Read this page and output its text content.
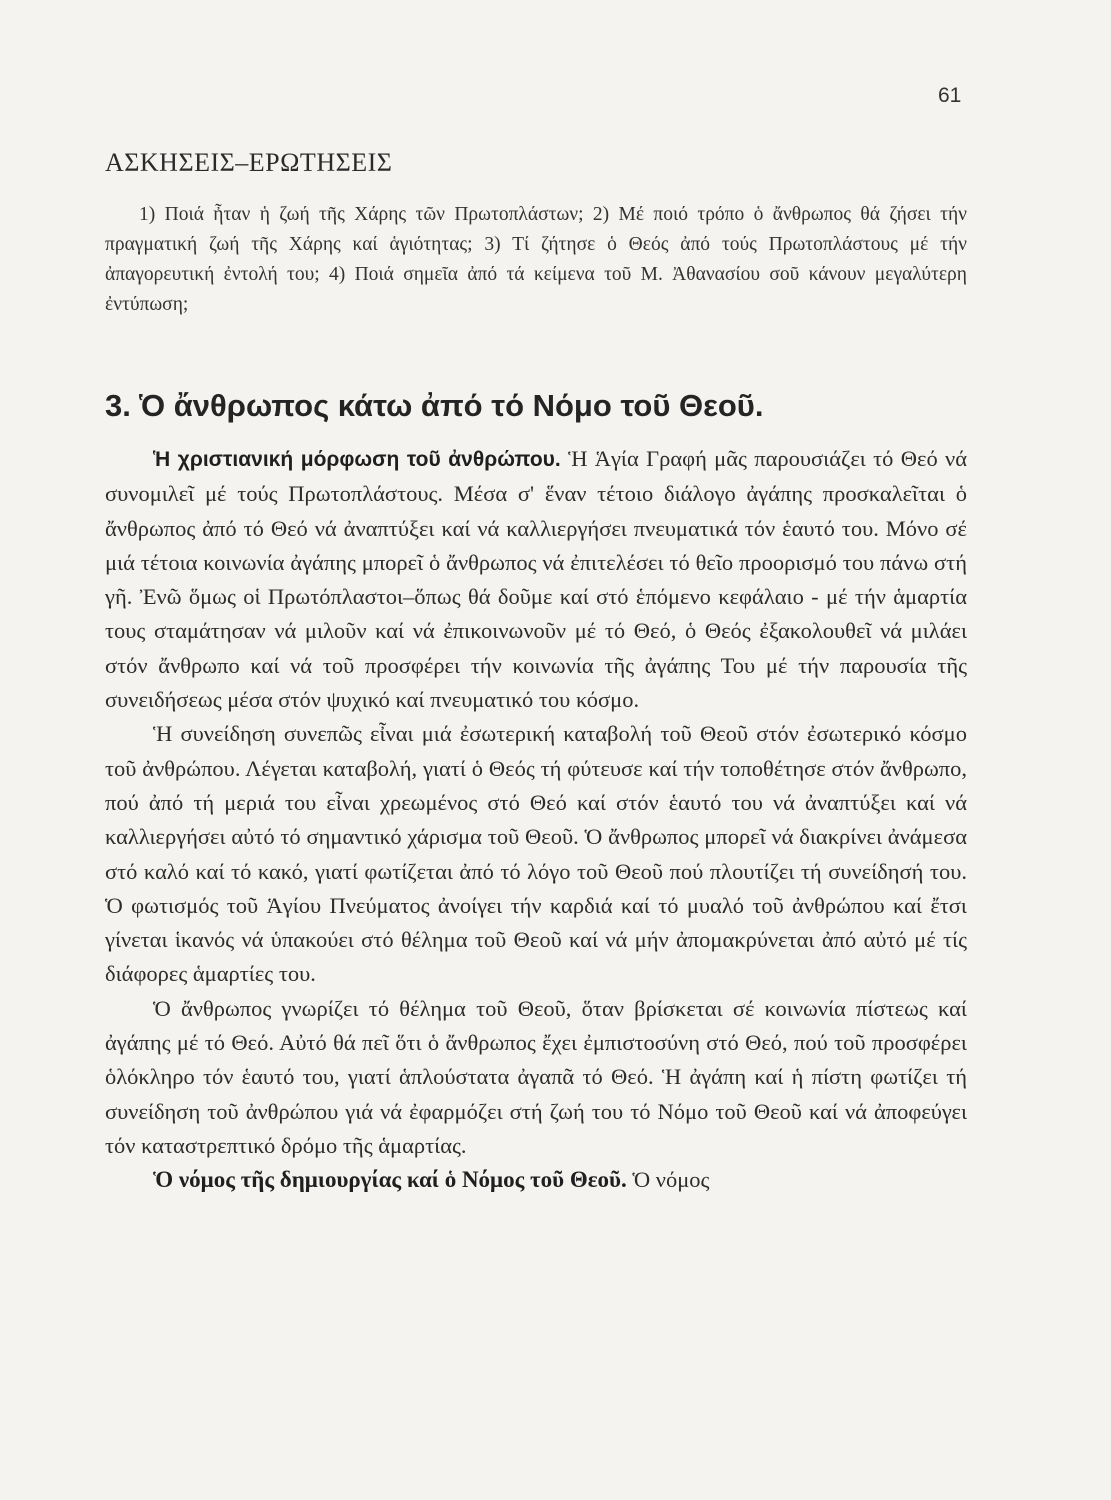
61
ΑΣΚΗΣΕΙΣ–ΕΡΩΤΗΣΕΙΣ
1) Ποιά ἦταν ἡ ζωή τῆς Χάρης τῶν Πρωτοπλάστων; 2) Μέ ποιό τρόπο ὁ ἄνθρωπος θά ζήσει τήν πραγματική ζωή τῆς Χάρης καί ἁγιότητας; 3) Τί ζήτησε ὁ Θεός ἀπό τούς Πρωτοπλάστους μέ τήν ἀπαγορευτική ἐντολή του; 4) Ποιά σημεῖα ἀπό τά κείμενα τοῦ Μ. Ἀθανασίου σοῦ κάνουν μεγαλύτερη ἐντύπωση;
3. Ὁ ἄνθρωπος κάτω ἀπό τό Νόμο τοῦ Θεοῦ.

Ἡ χριστιανική μόρφωση τοῦ ἀνθρώπου. Ἡ Ἁγία Γραφή μᾶς παρουσιάζει τό Θεό νά συνομιλεῖ μέ τούς Πρωτοπλάστους. Μέσα σ' ἕναν τέτοιο διάλογο ἀγάπης προσκαλεῖται ὁ ἄνθρωπος ἀπό τό Θεό νά ἀναπτύξει καί νά καλλιεργήσει πνευματικά τόν ἑαυτό του. Μόνο σέ μιά τέτοια κοινωνία ἀγάπης μπορεῖ ὁ ἄνθρωπος νά ἐπιτελέσει τό θεῖο προορισμό του πάνω στή γῆ. Ἐνῶ ὅμως οἱ Πρωτόπλαστοι–ὅπως θά δοῦμε καί στό ἑπόμενο κεφάλαιο - μέ τήν ἁμαρτία τους σταμάτησαν νά μιλοῦν καί νά ἐπικοινωνοῦν μέ τό Θεό, ὁ Θεός ἐξακολουθεῖ νά μιλάει στόν ἄνθρωπο καί νά τοῦ προσφέρει τήν κοινωνία τῆς ἀγάπης Του μέ τήν παρουσία τῆς συνειδήσεως μέσα στόν ψυχικό καί πνευματικό του κόσμο.

Ἡ συνείδηση συνεπῶς εἶναι μιά ἐσωτερική καταβολή τοῦ Θεοῦ στόν ἐσωτερικό κόσμο τοῦ ἀνθρώπου. Λέγεται καταβολή, γιατί ὁ Θεός τή φύτευσε καί τήν τοποθέτησε στόν ἄνθρωπο, πού ἀπό τή μεριά του εἶναι χρεωμένος στό Θεό καί στόν ἑαυτό του νά ἀναπτύξει καί νά καλλιεργήσει αὐτό τό σημαντικό χάρισμα τοῦ Θεοῦ. Ὁ ἄνθρωπος μπορεῖ νά διακρίνει ἀνάμεσα στό καλό καί τό κακό, γιατί φωτίζεται ἀπό τό λόγο τοῦ Θεοῦ πού πλουτίζει τή συνείδησή του. Ὁ φωτισμός τοῦ Ἁγίου Πνεύματος ἀνοίγει τήν καρδιά καί τό μυαλό τοῦ ἀνθρώπου καί ἔτσι γίνεται ἱκανός νά ὑπακούει στό θέλημα τοῦ Θεοῦ καί νά μήν ἀπομακρύνεται ἀπό αὐτό μέ τίς διάφορες ἁμαρτίες του.

Ὁ ἄνθρωπος γνωρίζει τό θέλημα τοῦ Θεοῦ, ὅταν βρίσκεται σέ κοινωνία πίστεως καί ἀγάπης μέ τό Θεό. Αὐτό θά πεῖ ὅτι ὁ ἄνθρωπος ἔχει ἐμπιστοσύνη στό Θεό, πού τοῦ προσφέρει ὁλόκληρο τόν ἑαυτό του, γιατί ἁπλούστατα ἀγαπᾶ τό Θεό. Ἡ ἀγάπη καί ἡ πίστη φωτίζει τή συνείδηση τοῦ ἀνθρώπου γιά νά ἐφαρμόζει στή ζωή του τό Νόμο τοῦ Θεοῦ καί νά ἀποφεύγει τόν καταστρεπτικό δρόμο τῆς ἁμαρτίας.

Ὁ νόμος τῆς δημιουργίας καί ὁ Νόμος τοῦ Θεοῦ. Ὁ νόμος
